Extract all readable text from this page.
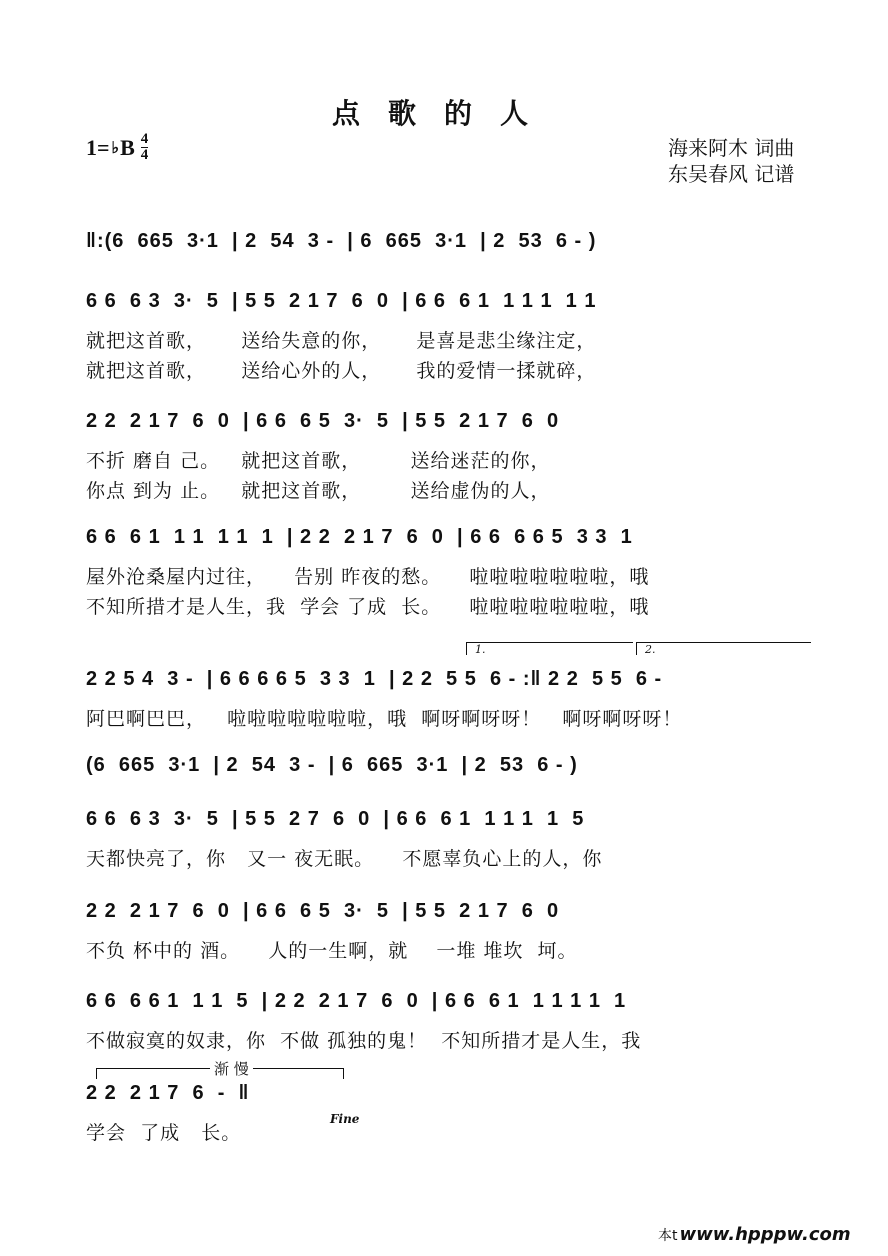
点歌的人
1= ♭ B 4
4	海来阿木 词曲
东吴春风 记谱
‖:(6  665  3·1  | 2  54  3 -  | 6  665  3·1  | 2  53  6 - )
6 6  6 3  3·  5  | 5 5  2 1 7  6  0  | 6 6  6 1  1 1 1  1 1
就把这首歌，     送给失意的你，     是喜是悲尘缘注定，
就把这首歌，     送给心外的人，     我的爱情一揉就碎，
2 2  2 1 7  6  0  | 6 6  6 5  3·  5  | 5 5  2 1 7  6  0
不折 磨自 己。   就把这首歌，       送给迷茫的你，
你点 到为 止。   就把这首歌，       送给虚伪的人，
6 6  6 1  1 1  1 1  1  | 2 2  2 1 7  6  0  | 6 6  6 6 5  3 3  1
屋外沧桑屋内过往，    告别 昨夜的愁。    啦啦啦啦啦啦啦，哦
不知所措才是人生，我  学会 了成  长。    啦啦啦啦啦啦啦，哦
1.	2.
2 2 5 4  3 -  | 6 6 6 6 5  3 3  1  | 2 2  5 5  6 - :‖ 2 2  5 5  6 -
阿巴啊巴巴，   啦啦啦啦啦啦啦，哦  啊呀啊呀呀！   啊呀啊呀呀！
(6  665  3·1  | 2  54  3 -  | 6  665  3·1  | 2  53  6 - )
6 6  6 3  3·  5  | 5 5  2 7  6  0  | 6 6  6 1  1 1 1  1  5
天都快亮了，你   又一 夜无眠。    不愿辜负心上的人，你
2 2  2 1 7  6  0  | 6 6  6 5  3·  5  | 5 5  2 1 7  6  0
不负 杯中的 酒。    人的一生啊，就    一堆 堆坎  坷。
6 6  6 6 1  1 1  5  | 2 2  2 1 7  6  0  | 6 6  6 1  1 1 1 1  1
不做寂寞的奴隶，你  不做 孤独的鬼！  不知所措才是人生，我
渐 慢
2 2  2 1 7  6  -  ‖
学会  了成   长。
Fine
本t www.hpppw.com
